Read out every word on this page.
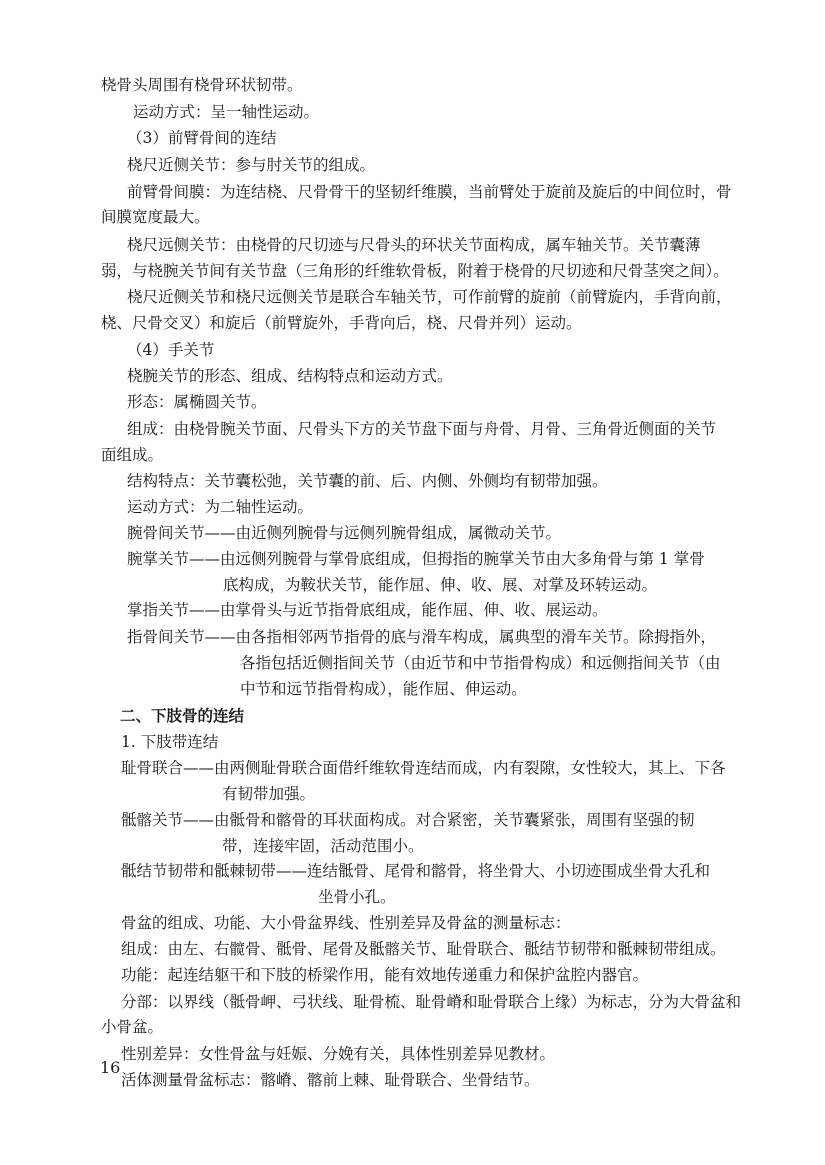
桡骨头周围有桡骨环状韧带。
运动方式：呈一轴性运动。
（3）前臂骨间的连结
桡尺近侧关节：参与肘关节的组成。
前臂骨间膜：为连结桡、尺骨骨干的坚韧纤维膜，当前臂处于旋前及旋后的中间位时，骨
间膜宽度最大。
桡尺远侧关节：由桡骨的尺切迹与尺骨头的环状关节面构成，属车轴关节。关节囊薄
弱，与桡腕关节间有关节盘（三角形的纤维软骨板，附着于桡骨的尺切迹和尺骨茎突之间）。
桡尺近侧关节和桡尺远侧关节是联合车轴关节，可作前臂的旋前（前臂旋内，手背向前，
桡、尺骨交叉）和旋后（前臂旋外，手背向后，桡、尺骨并列）运动。
（4）手关节
桡腕关节的形态、组成、结构特点和运动方式。
形态：属椭圆关节。
组成：由桡骨腕关节面、尺骨头下方的关节盘下面与舟骨、月骨、三角骨近侧面的关节
面组成。
结构特点：关节囊松弛，关节囊的前、后、内侧、外侧均有韧带加强。
运动方式：为二轴性运动。
腕骨间关节——由近侧列腕骨与远侧列腕骨组成，属微动关节。
腕掌关节——由远侧列腕骨与掌骨底组成，但拇指的腕掌关节由大多角骨与第 1 掌骨
底构成，为鞍状关节，能作屈、伸、收、展、对掌及环转运动。
掌指关节——由掌骨头与近节指骨底组成，能作屈、伸、收、展运动。
指骨间关节——由各指相邻两节指骨的底与滑车构成，属典型的滑车关节。除拇指外，
各指包括近侧指间关节（由近节和中节指骨构成）和远侧指间关节（由
中节和远节指骨构成），能作屈、伸运动。
二、下肢骨的连结
1. 下肢带连结
耻骨联合——由两侧耻骨联合面借纤维软骨连结而成，内有裂隙，女性较大，其上、下各
有韧带加强。
骶髂关节——由骶骨和髂骨的耳状面构成。对合紧密，关节囊紧张，周围有坚强的韧
带，连接牢固，活动范围小。
骶结节韧带和骶棘韧带——连结骶骨、尾骨和髂骨，将坐骨大、小切迹围成坐骨大孔和
坐骨小孔。
骨盆的组成、功能、大小骨盆界线、性别差异及骨盆的测量标志：
组成：由左、右髋骨、骶骨、尾骨及骶髂关节、耻骨联合、骶结节韧带和骶棘韧带组成。
功能：起连结躯干和下肢的桥梁作用，能有效地传递重力和保护盆腔内器官。
分部：以界线（骶骨岬、弓状线、耻骨梳、耻骨嵴和耻骨联合上缘）为标志，分为大骨盆和
小骨盆。
性别差异：女性骨盆与妊娠、分娩有关，具体性别差异见教材。
活体测量骨盆标志：髂嵴、髂前上棘、耻骨联合、坐骨结节。
16
